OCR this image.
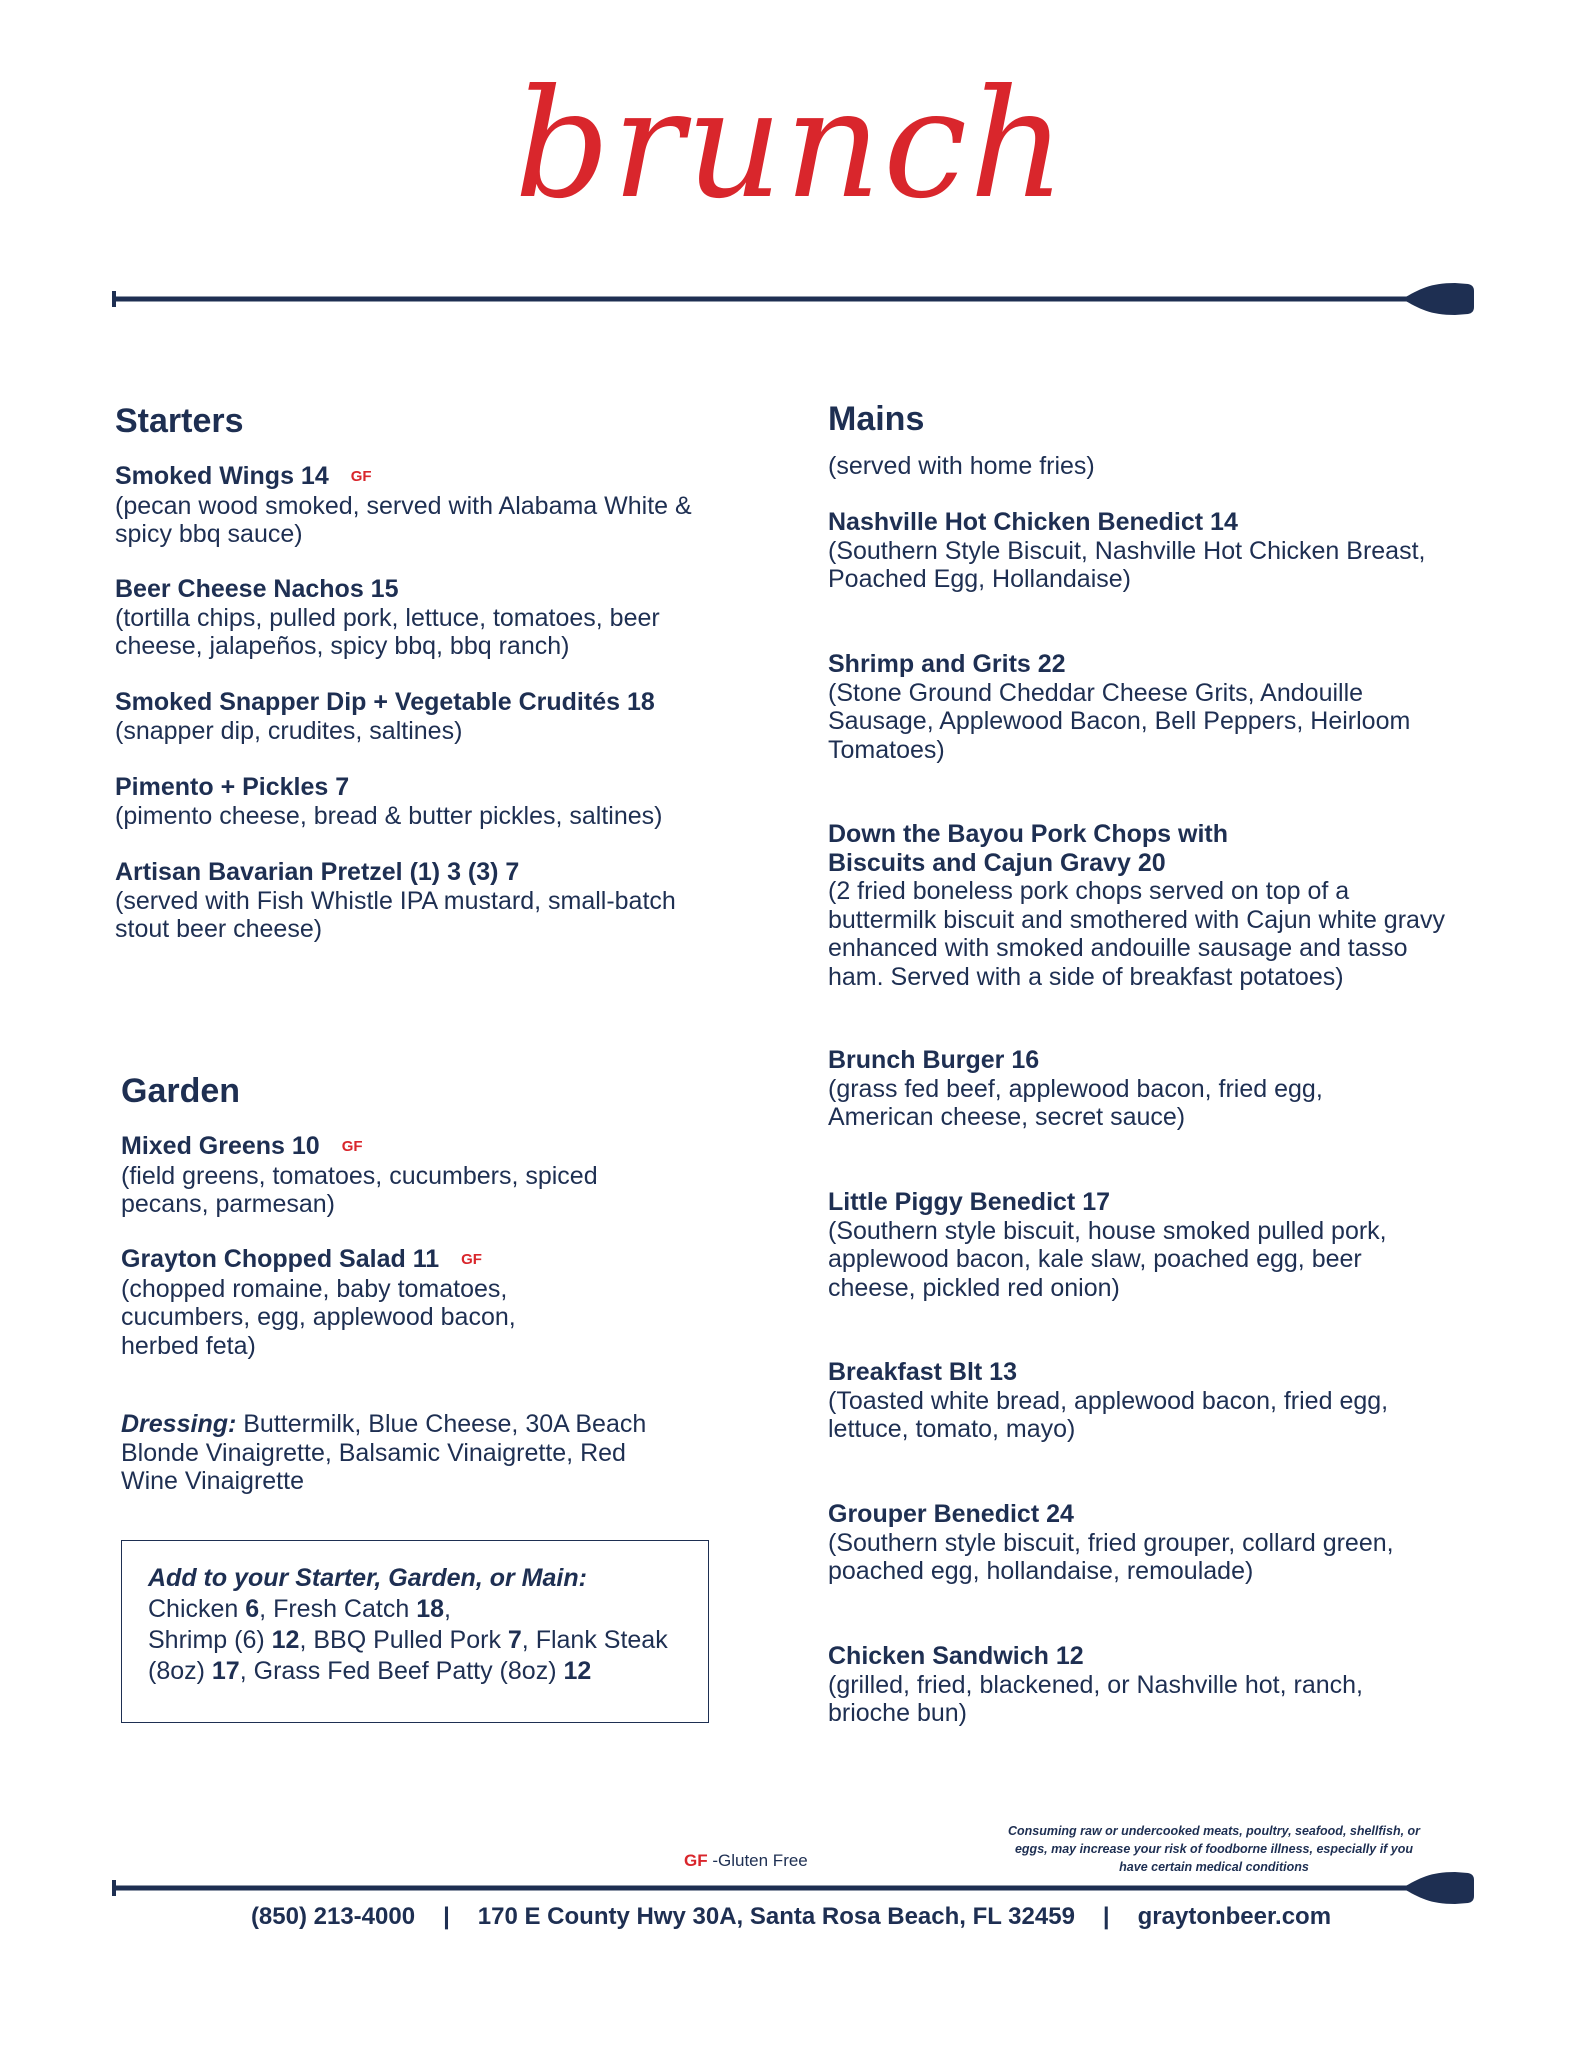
brunch
Starters
Smoked Wings 14 GF
(pecan wood smoked, served with Alabama White & spicy bbq sauce)
Beer Cheese Nachos 15
(tortilla chips, pulled pork, lettuce, tomatoes, beer cheese, jalapeños, spicy bbq, bbq ranch)
Smoked Snapper Dip + Vegetable Crudités 18
(snapper dip, crudites, saltines)
Pimento + Pickles 7
(pimento cheese, bread & butter pickles, saltines)
Artisan Bavarian Pretzel (1) 3 (3) 7
(served with Fish Whistle IPA mustard, small-batch stout beer cheese)
Garden
Mixed Greens 10 GF
(field greens, tomatoes, cucumbers, spiced pecans, parmesan)
Grayton Chopped Salad 11 GF
(chopped romaine, baby tomatoes, cucumbers, egg, applewood bacon, herbed feta)
Dressing: Buttermilk, Blue Cheese, 30A Beach Blonde Vinaigrette, Balsamic Vinaigrette, Red Wine Vinaigrette
Add to your Starter, Garden, or Main:
Chicken 6, Fresh Catch 18,
Shrimp (6) 12, BBQ Pulled Pork 7, Flank Steak (8oz) 17, Grass Fed Beef Patty (8oz) 12
Mains
(served with home fries)
Nashville Hot Chicken Benedict 14
(Southern Style Biscuit, Nashville Hot Chicken Breast, Poached Egg, Hollandaise)
Shrimp and Grits 22
(Stone Ground Cheddar Cheese Grits, Andouille Sausage, Applewood Bacon, Bell Peppers, Heirloom Tomatoes)
Down the Bayou Pork Chops with Biscuits and Cajun Gravy 20
(2 fried boneless pork chops served on top of a buttermilk biscuit and smothered with Cajun white gravy enhanced with smoked andouille sausage and tasso ham. Served with a side of breakfast potatoes)
Brunch Burger 16
(grass fed beef, applewood bacon, fried egg, American cheese, secret sauce)
Little Piggy Benedict 17
(Southern style biscuit, house smoked pulled pork, applewood bacon, kale slaw, poached egg, beer cheese, pickled red onion)
Breakfast Blt 13
(Toasted white bread, applewood bacon, fried egg, lettuce, tomato, mayo)
Grouper Benedict 24
(Southern style biscuit, fried grouper, collard green, poached egg, hollandaise, remoulade)
Chicken Sandwich 12
(grilled, fried, blackened, or Nashville hot, ranch, brioche bun)
GF -Gluten Free
Consuming raw or undercooked meats, poultry, seafood, shellfish, or eggs, may increase your risk of foodborne illness, especially if you have certain medical conditions
(850) 213-4000 | 170 E County Hwy 30A, Santa Rosa Beach, FL 32459 | graytonbeer.com
